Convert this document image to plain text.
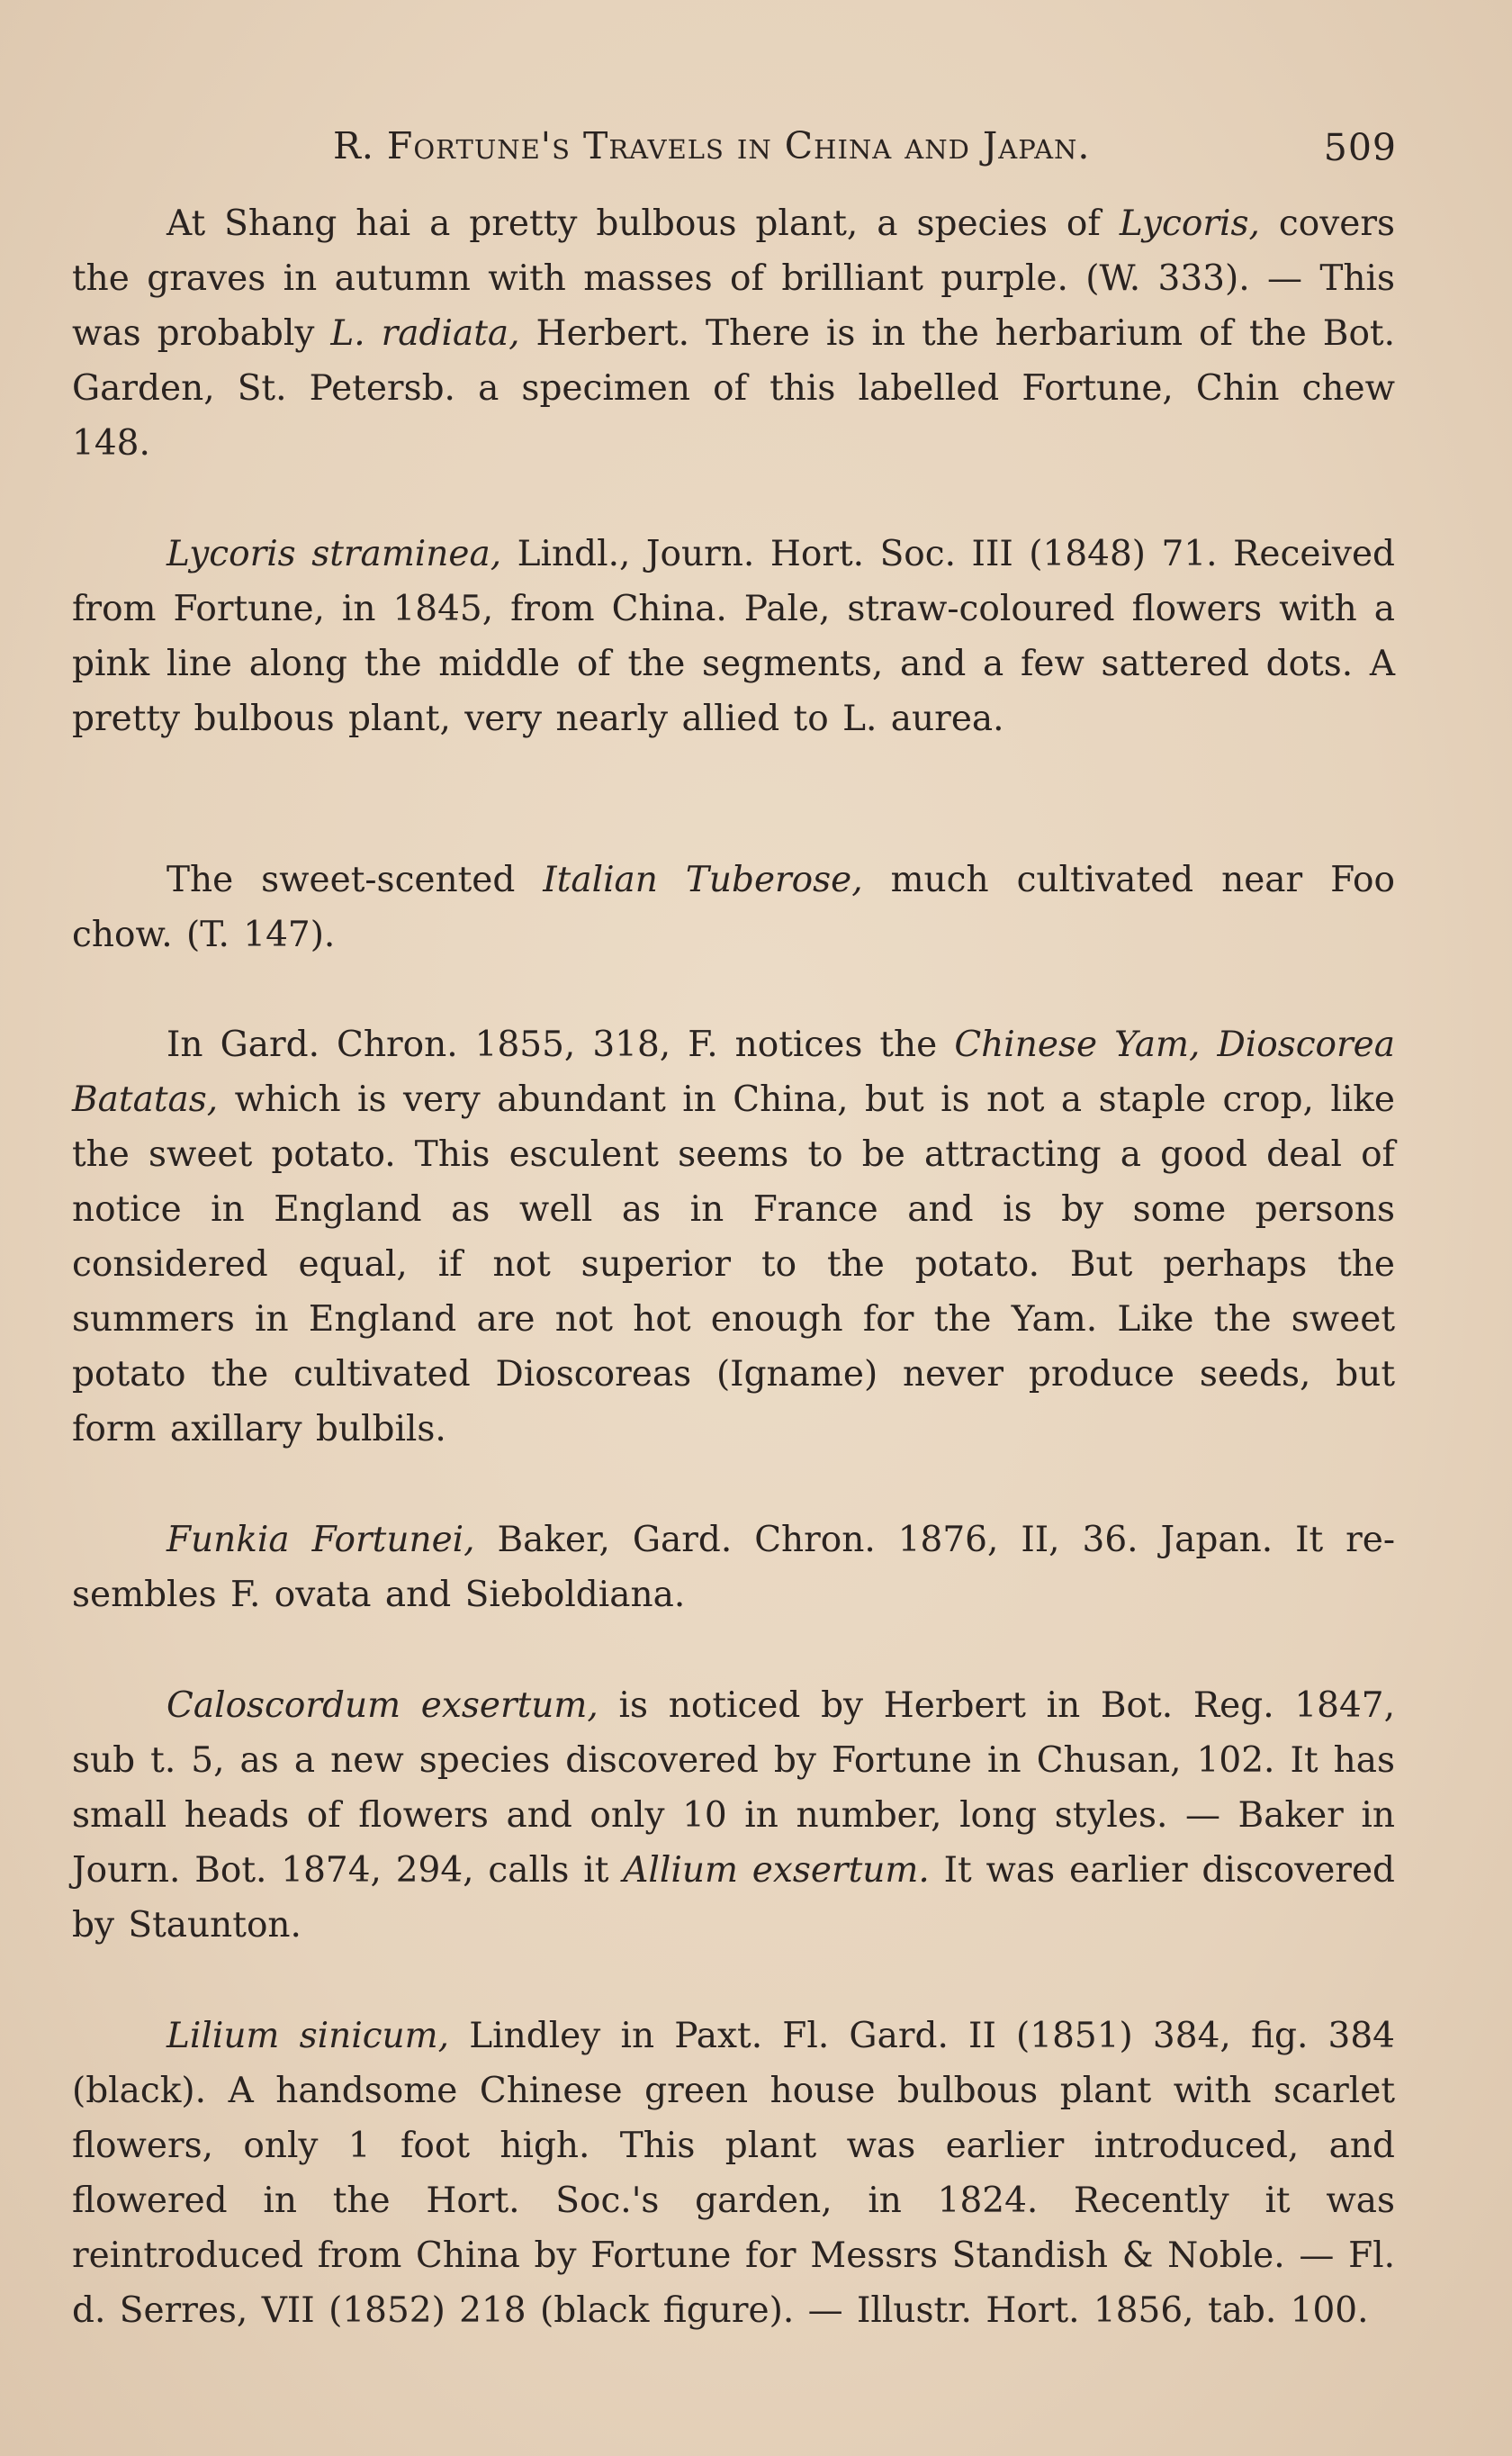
R. Fortune's Travels in China and Japan.	509

At Shang hai a pretty bulbous plant, a species of Lycoris, covers the graves in autumn with masses of brilliant purple. (W. 333). — This was probably L. radiata, Herbert. There is in the herbarium of the Bot. Garden, St. Petersb. a specimen of this labelled Fortune, Chin chew 148.

Lycoris straminea, Lindl., Journ. Hort. Soc. III (1848) 71. Received from Fortune, in 1845, from China. Pale, straw-coloured flowers with a pink line along the middle of the segments, and a few sattered dots. A pretty bulbous plant, very nearly allied to L. aurea.

The sweet-scented Italian Tuberose, much cultivated near Foo chow. (T. 147).

In Gard. Chron. 1855, 318, F. notices the Chinese Yam, Dioscorea Batatas, which is very abundant in China, but is not a staple crop, like the sweet potato. This esculent seems to be attracting a good deal of notice in England as well as in France and is by some persons considered equal, if not superior to the potato. But perhaps the summers in England are not hot enough for the Yam. Like the sweet potato the cultivated Dioscoreas (Igname) never produce seeds, but form axillary bulbils.

Funkia Fortunei, Baker, Gard. Chron. 1876, II, 36. Japan. It re-sembles F. ovata and Sieboldiana.

Caloscordum exsertum, is noticed by Herbert in Bot. Reg. 1847, sub t. 5, as a new species discovered by Fortune in Chusan, 102. It has small heads of flowers and only 10 in number, long styles. — Baker in Journ. Bot. 1874, 294, calls it Allium exsertum. It was earlier discovered by Staunton.

Lilium sinicum, Lindley in Paxt. Fl. Gard. II (1851) 384, fig. 384 (black). A handsome Chinese green house bulbous plant with scarlet flowers, only 1 foot high. This plant was earlier introduced, and flowered in the Hort. Soc.'s garden, in 1824. Recently it was reintroduced from China by Fortune for Messrs Standish & Noble. — Fl. d. Serres, VII (1852) 218 (black figure). — Illustr. Hort. 1856, tab. 100.
